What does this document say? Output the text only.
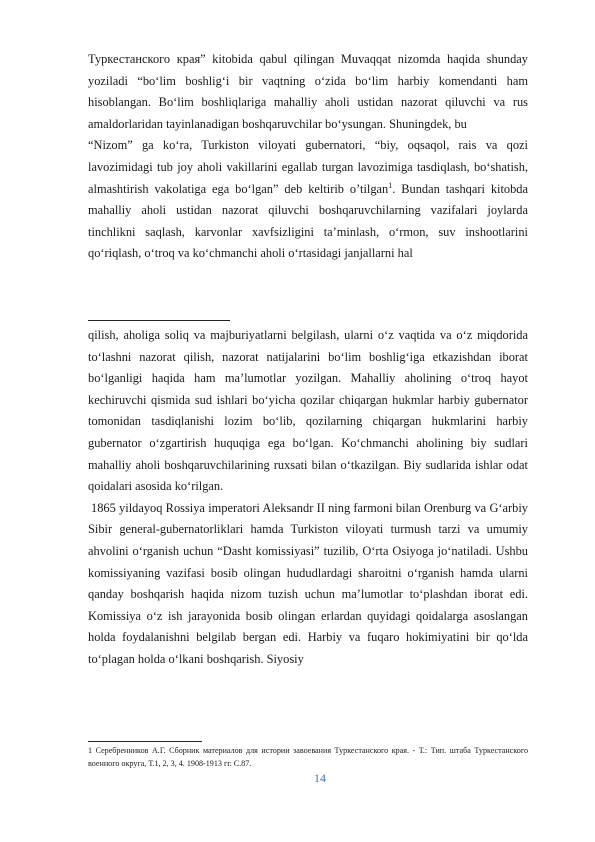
Туркестанского края” kitobida qabul qilingan Muvaqqat nizomda haqida shunday yoziladi “bo‘lim boshlig‘i bir vaqtning o‘zida bo‘lim harbiy komendanti ham hisoblangan. Bo‘lim boshliqlariga mahalliy aholi ustidan nazorat qiluvchi va rus amaldorlaridan tayinlanadigan boshqaruvchilar bo‘ysungan. Shuningdek, bu

“Nizom” ga ko‘ra, Turkiston viloyati gubernatori, “biy, oqsaqol, rais va qozi lavozimidagi tub joy aholi vakillarini egallab turgan lavozimiga tasdiqlash, bo‘shatish, almashtirish vakolatiga ega bo‘lgan” deb keltirib o’tilgan$^1$. Bundan tashqari kitobda mahalliy aholi ustidan nazorat qiluvchi boshqaruvchilarning vazifalari joylarda tinchlikni saqlash, karvonlar xavfsizligini ta’minlash, o‘rmon, suv inshootlarini qo‘riqlash, o‘troq va ko‘chmanchi aholi o‘rtasidagi janjallarni hal

qilish, aholiga soliq va majburiyatlarni belgilash, ularni o‘z vaqtida va o‘z miqdorida to‘lashni nazorat qilish, nazorat natijalarini bo‘lim boshlig‘iga etkazishdan iborat bo‘lganligi haqida ham ma’lumotlar yozilgan. Mahalliy aholining o‘troq hayot kechiruvchi qismida sud ishlari bo‘yicha qozilar chiqargan hukmlar harbiy gubernator tomonidan tasdiqlanishi lozim bo‘lib, qozilarning chiqargan hukmlarini harbiy gubernator o‘zgartirish huquqiga ega bo‘lgan. Ko‘chmanchi aholining biy sudlari mahalliy aholi boshqaruvchilarining ruxsati bilan o‘tkazilgan. Biy sudlarida ishlar odat qoidalari asosida ko‘rilgan.

1865 yildayoq Rossiya imperatori Aleksandr II ning farmoni bilan Orenburg va G‘arbiy Sibir general-gubernatorliklari hamda Turkiston viloyati turmush tarzi va umumiy ahvolini o‘rganish uchun “Dasht komissiyasi” tuzilib, O‘rta Osiyoga jo‘natiladi. Ushbu komissiyaning vazifasi bosib olingan hududlardagi sharoitni o‘rganish hamda ularni qanday boshqarish haqida nizom tuzish uchun ma’lumotlar to‘plashdan iborat edi. Komissiya o‘z ish jarayonida bosib olingan erlardan quyidagi qoidalarga asoslangan holda foydalanishni belgilab bergan edi. Harbiy va fuqaro hokimiyatini bir qo‘lda to‘plagan holda o‘lkani boshqarish. Siyosiy

1 Серебренников А.Г. Сборник материалов для истории завоевания Туркестанского края. - Т.: Тип. штаба Туркестанского военного округа, Т.1, 2, 3, 4. 1908-1913 гг. С.87.
14
